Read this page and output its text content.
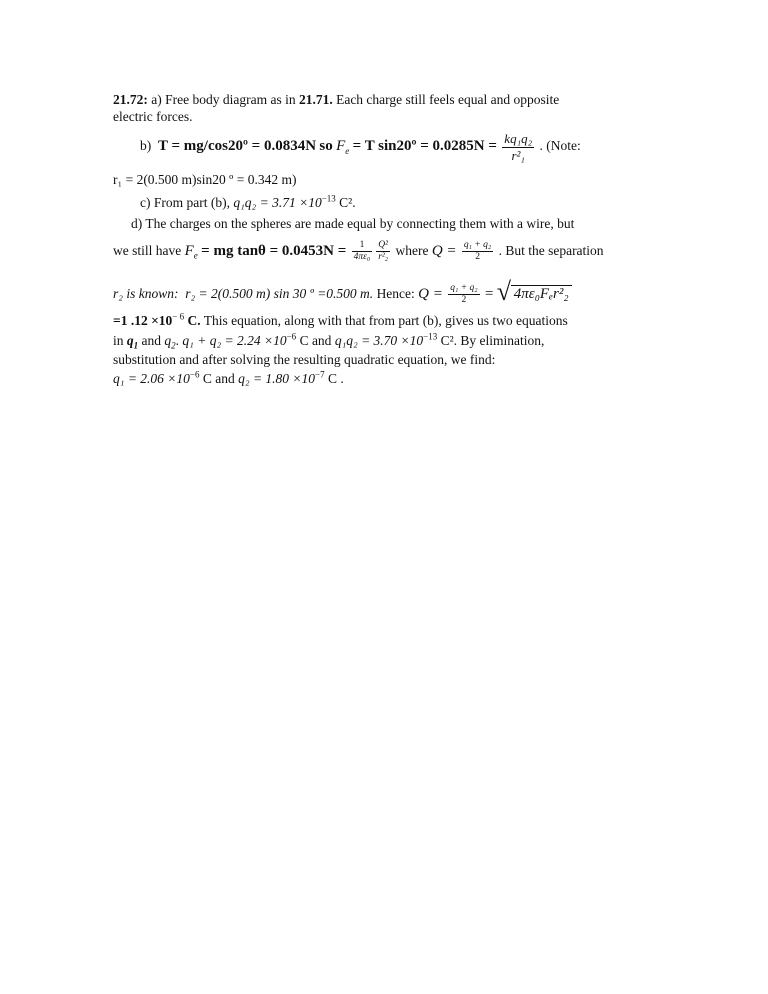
21.72: a) Free body diagram as in 21.71. Each charge still feels equal and opposite
electric forces.
b) T = mg/cos20º = 0.0834N so $F_e = T$ sin20º = $0.0285N = \frac{\text{kq₁q₂}}{\text{r²₁}}$ . (Note:
r₁ = 2(0.500 m)sin20 º = 0.342 m)
c) From part (b), $q_1q_2 = 3.71 \times 10^{-13}$ C².
d) The charges on the spheres are made equal by connecting them with a wire, but
we still have $F_e$ = mg $\tan\theta = 0.0453N = \frac{1}{\text{4πε₀}} \frac{\text{Q²}}{\text{r²₂}}$ where $Q = \frac{\text{q₁ + q₂}}{2}$ . But the separation
r₂ is known: r₂ = 2(0.500 m) sin 30 º =0.500 m. Hence: $Q = \frac{\text{q₁ + q₂}}{2}$ = √ 4πε₀Fₑr²₂
=1 $.12 \times 10^{- 6}$ C. This equation, along with that from part (b), gives us two equations
in $q_1$ and $q_2$. $q_1 + q_2 = 2.24 \times 10^{-6}$ C and $q_1q_2 = 3.70 \times 10^{-13}$ C². By elimination,
substitution and after solving the resulting quadratic equation, we find:
$q_1 = 2.06 \times 10^{-6}$ C and $q_2 = 1.80 \times 10^{-7}$ C .
